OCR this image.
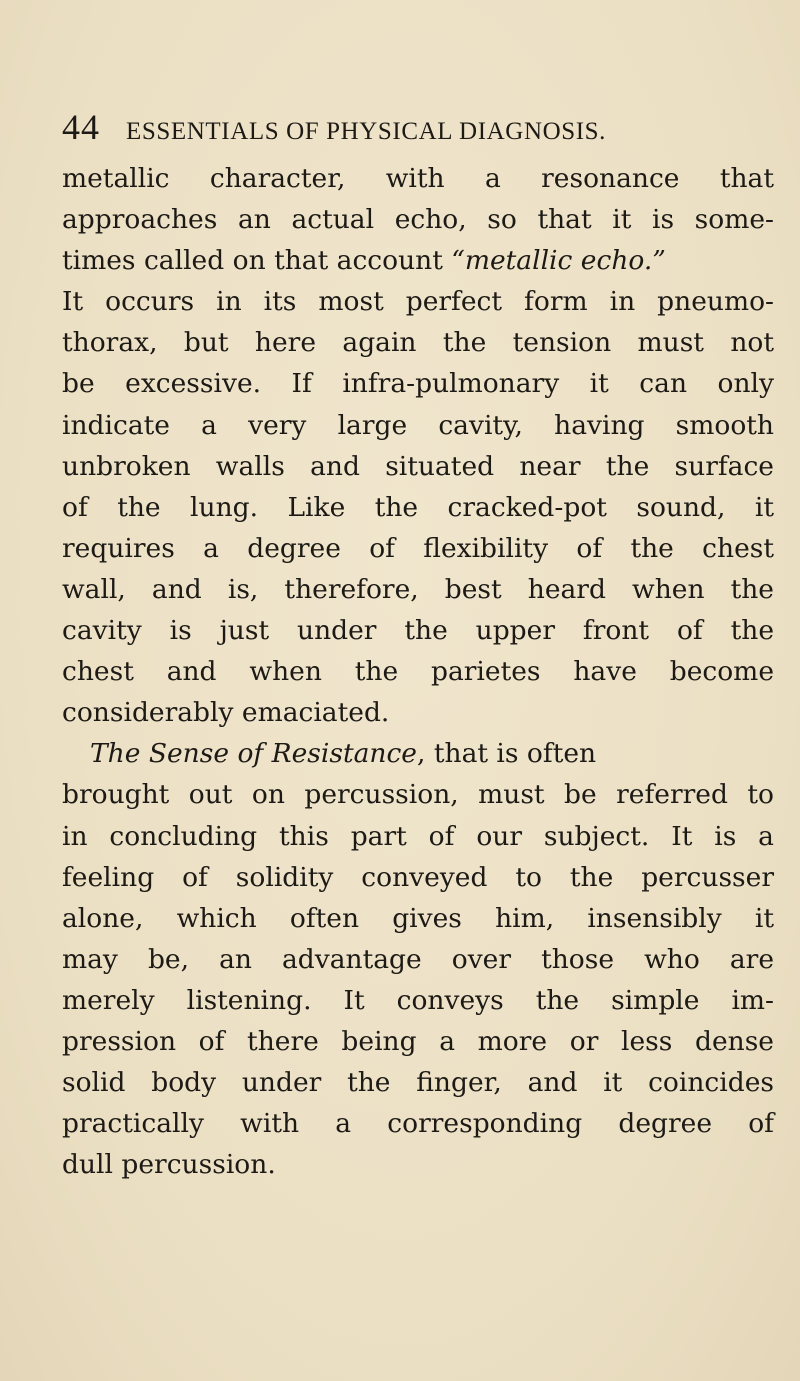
44 ESSENTIALS OF PHYSICAL DIAGNOSIS.
metallic character, with a resonance that
approaches an actual echo, so that it is some-
times called on that account “metallic echo.”
It occurs in its most perfect form in pneumo-
thorax, but here again the tension must not
be excessive. If infra-pulmonary it can only
indicate a very large cavity, having smooth
unbroken walls and situated near the surface
of the lung. Like the cracked-pot sound, it
requires a degree of flexibility of the chest
wall, and is, therefore, best heard when the
cavity is just under the upper front of the
chest and when the parietes have become
considerably emaciated.
The Sense of Resistance, that is often
brought out on percussion, must be referred to
in concluding this part of our subject. It is a
feeling of solidity conveyed to the percusser
alone, which often gives him, insensibly it
may be, an advantage over those who are
merely listening. It conveys the simple im-
pression of there being a more or less dense
solid body under the finger, and it coincides
practically with a corresponding degree of
dull percussion.
